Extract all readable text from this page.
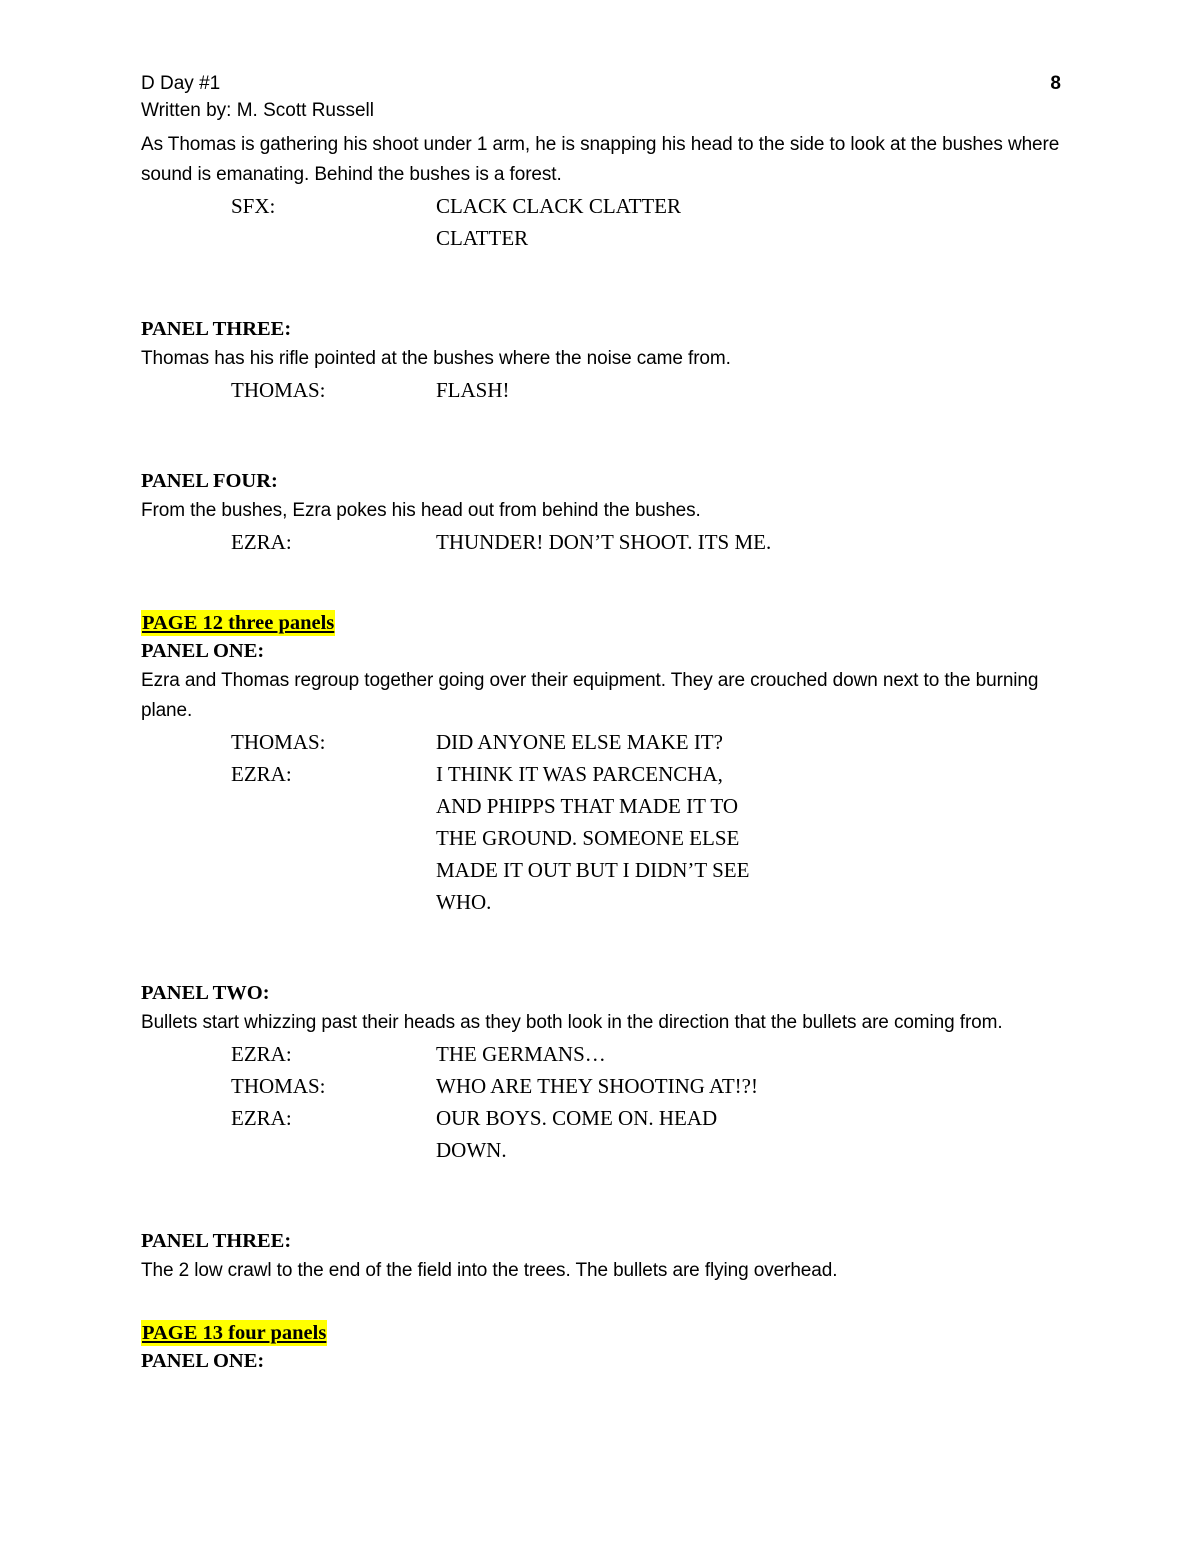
D Day #1
Written by: M. Scott Russell
8

As Thomas is gathering his shoot under 1 arm, he is snapping his head to the side to look at the bushes where sound is emanating. Behind the bushes is a forest.

SFX:	CLACK CLACK CLATTER
CLATTER

PANEL THREE:

Thomas has his rifle pointed at the bushes where the noise came from.

THOMAS:	FLASH!

PANEL FOUR:

From the bushes, Ezra pokes his head out from behind the bushes.

EZRA:	THUNDER! DON’T SHOOT. ITS ME.
PAGE 12 three panels

PANEL ONE:

Ezra and Thomas regroup together going over their equipment. They are crouched down next to the burning plane.

THOMAS:	DID ANYONE ELSE MAKE IT?
EZRA:	I THINK IT WAS PARCENCHA,
AND PHIPPS THAT MADE IT TO
THE GROUND. SOMEONE ELSE
MADE IT OUT BUT I DIDN’T SEE
WHO.

PANEL TWO:

Bullets start whizzing past their heads as they both look in the direction that the bullets are coming from.

EZRA:	THE GERMANS…
THOMAS:	WHO ARE THEY SHOOTING AT!?!
EZRA:	OUR BOYS. COME ON. HEAD
DOWN.

PANEL THREE:

The 2 low crawl to the end of the field into the trees. The bullets are flying overhead.

PAGE 13 four panels

PANEL ONE:
